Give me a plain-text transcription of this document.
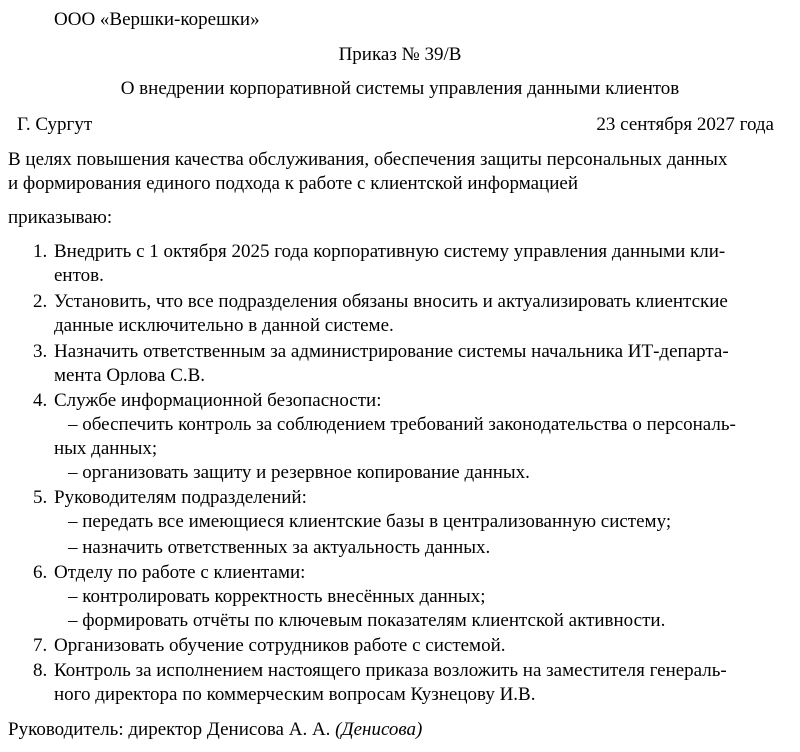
ООО «Вершки-корешки»
Приказ № 39/В
О внедрении корпоративной системы управления данными клиентов
Г. Сургут	23 сентября 2027 года
В целях повышения качества обслуживания, обеспечения защиты персональных данных
и формирования единого подхода к работе с клиентской информацией
приказываю:
1. Внедрить с 1 октября 2025 года корпоративную систему управления данными кли-
ентов.
2. Установить, что все подразделения обязаны вносить и актуализировать клиентские
данные исключительно в данной системе.
3. Назначить ответственным за администрирование системы начальника ИТ-департа-
мента Орлова С.В.
4. Службе информационной безопасности:
– обеспечить контроль за соблюдением требований законодательства о персональ-
ных данных;
– организовать защиту и резервное копирование данных.
5. Руководителям подразделений:
– передать все имеющиеся клиентские базы в централизованную систему;
– назначить ответственных за актуальность данных.
6. Отделу по работе с клиентами:
– контролировать корректность внесённых данных;
– формировать отчёты по ключевым показателям клиентской активности.
7. Организовать обучение сотрудников работе с системой.
8. Контроль за исполнением настоящего приказа возложить на заместителя генераль-
ного директора по коммерческим вопросам Кузнецову И.В.
Руководитель: директор Денисова А. А. (Денисова)
